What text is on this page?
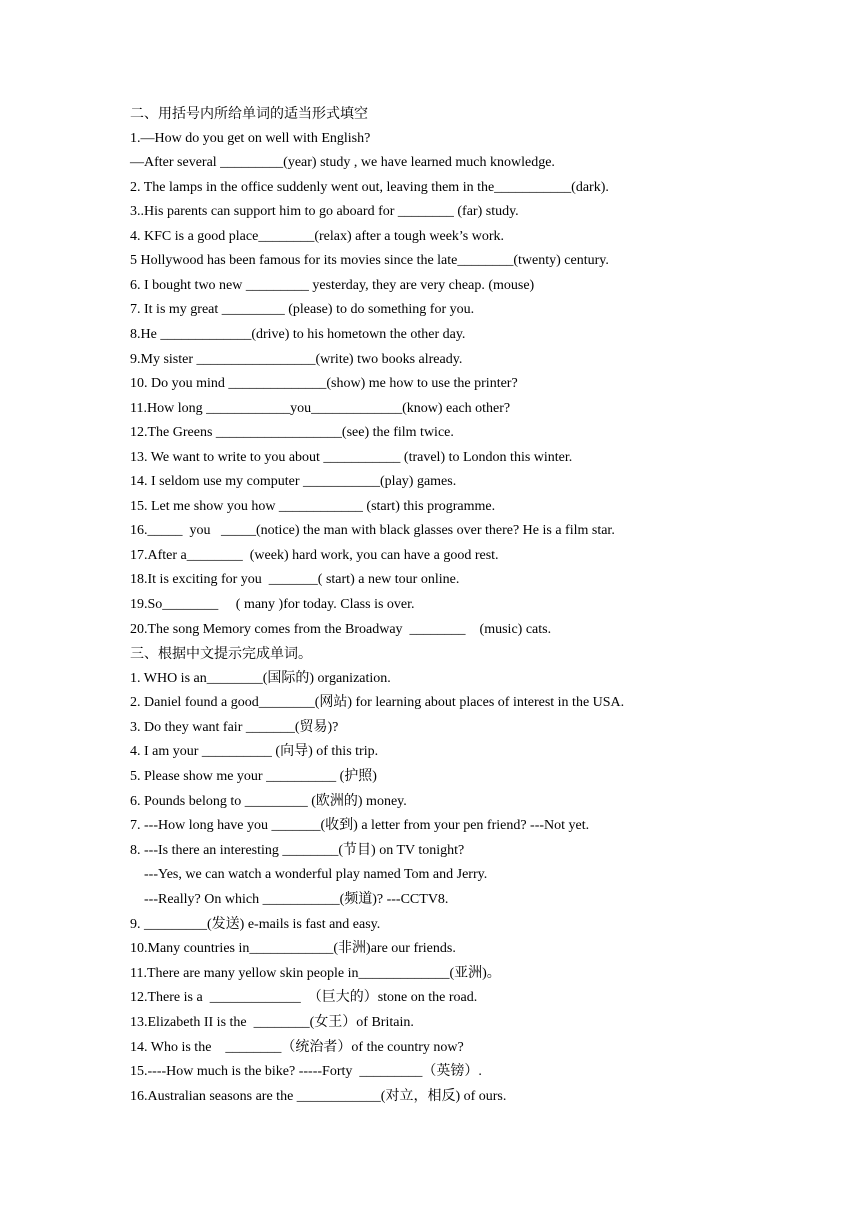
二、用括号内所给单词的适当形式填空
1.—How do you get on well with English?
—After several _________(year) study , we have learned much knowledge.
2. The lamps in the office suddenly went out, leaving them in the___________(dark).
3..His parents can support him to go aboard for ________ (far) study.
4. KFC is a good place________(relax) after a tough week’s work.
5 Hollywood has been famous for its movies since the late________(twenty) century.
6. I bought two new _________ yesterday, they are very cheap. (mouse)
7. It is my great _________ (please) to do something for you.
8.He _____________(drive) to his hometown the other day.
9.My sister _________________(write) two books already.
10. Do you mind ______________(show) me how to use the printer?
11.How long ____________you_____________(know) each other?
12.The Greens __________________(see) the film twice.
13. We want to write to you about ___________ (travel) to London this winter.
14. I seldom use my computer ___________(play) games.
15. Let me show you how ____________ (start) this programme.
16._____  you   _____(notice) the man with black glasses over there? He is a film star.
17.After a________  (week) hard work, you can have a good rest.
18.It is exciting for you  _______( start) a new tour online.
19.So________     ( many )for today. Class is over.
20.The song Memory comes from the Broadway  ________    (music) cats.
三、根据中文提示完成单词。
1. WHO is an________(国际的) organization.
2. Daniel found a good________(网站) for learning about places of interest in the USA.
3. Do they want fair _______(贸易)?
4. I am your __________ (向导) of this trip.
5. Please show me your __________ (护照)
6. Pounds belong to _________ (欧洲的) money.
7. ---How long have you _______(收到) a letter from your pen friend? ---Not yet.
8. ---Is there an interesting ________(节目) on TV tonight?
---Yes, we can watch a wonderful play named Tom and Jerry.
---Really? On which ___________(频道)? ---CCTV8.
9. _________(发送) e-mails is fast and easy.
10.Many countries in____________(非洲)are our friends.
11.There are many yellow skin people in_____________(亚洲)。
12.There is a  _____________  （巨大的）stone on the road.
13.Elizabeth II is the  ________(女王）of Britain.
14. Who is the    ________（统治者）of the country now?
15.----How much is the bike? -----Forty  _________（英镑）.
16.Australian seasons are the ____________(对立，相反) of ours.
